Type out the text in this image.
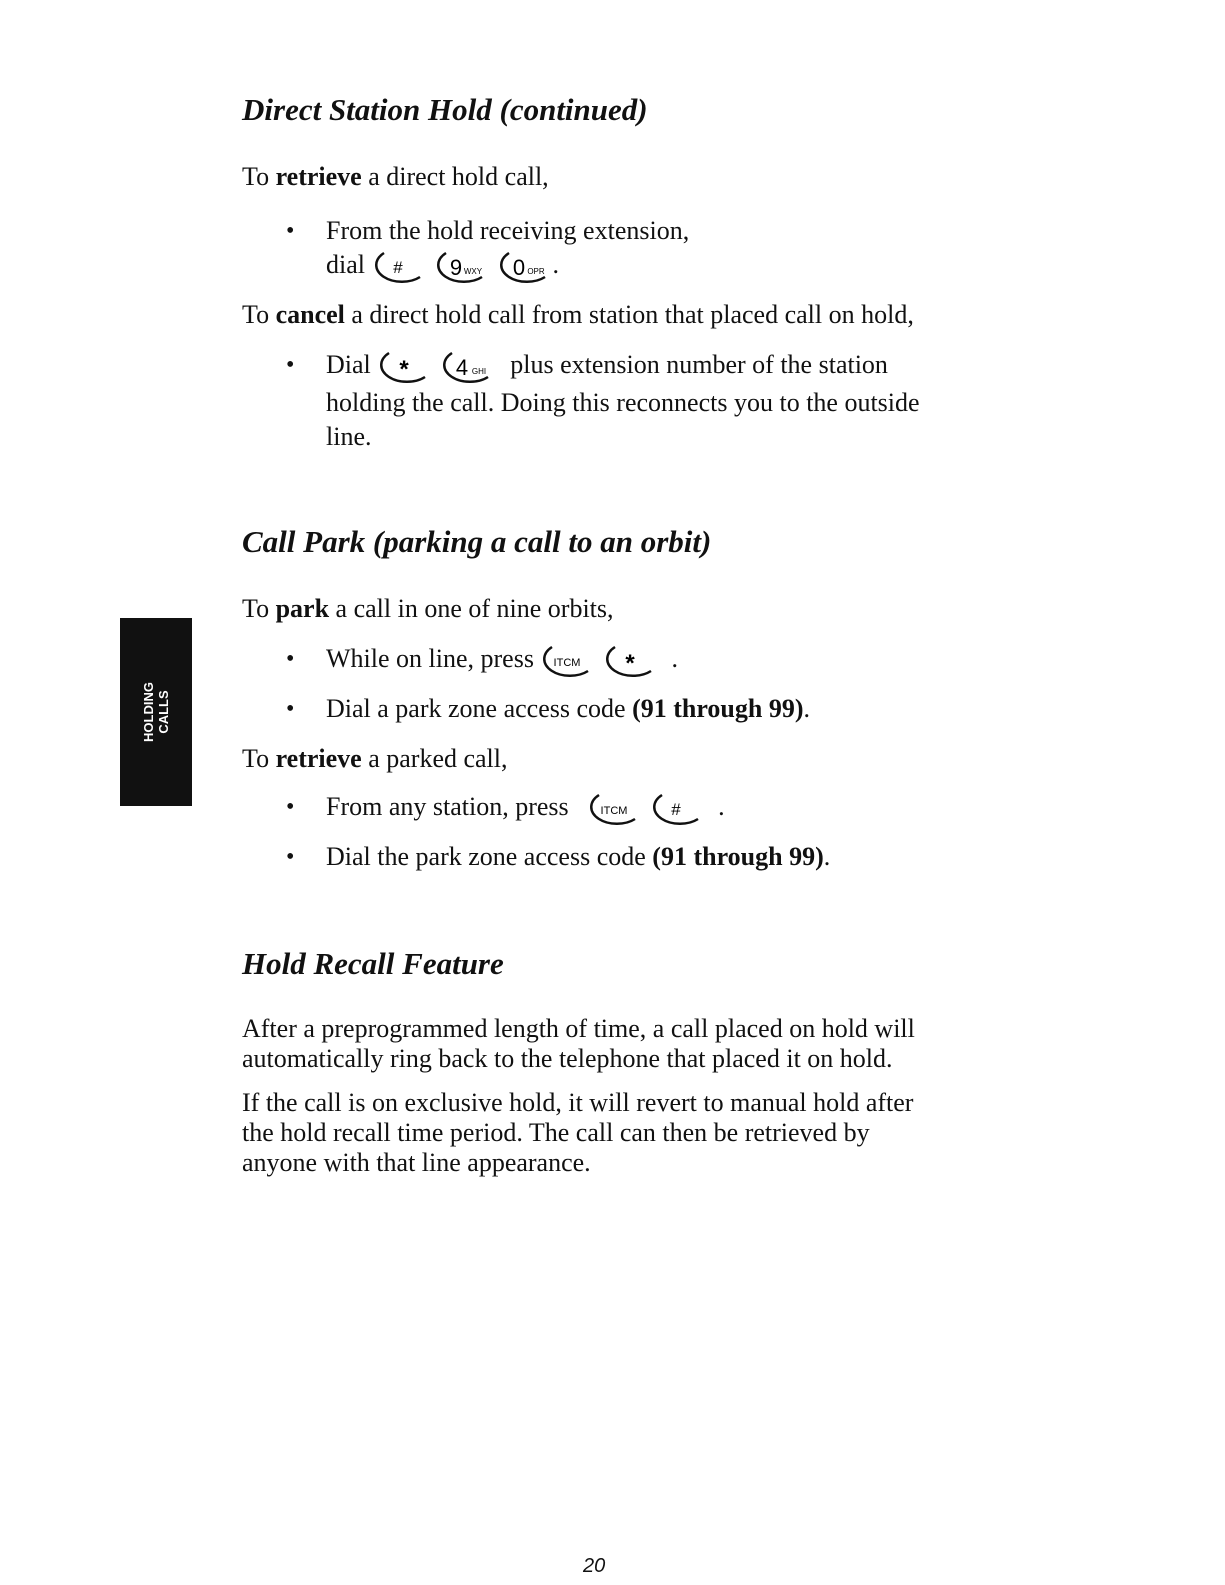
Direct Station Hold (continued)

To retrieve a direct hold call,

• From the hold receiving extension,
dial #
9 WXY
0 OPR .

To cancel a direct hold call from station that placed call on hold,

• Dial *
4 GHI plus extension number of the station
holding the call. Doing this reconnects you to the outside
line.
Call Park (parking a call to an orbit)

To park a call in one of nine orbits,

• While on line, press ITCM
* .
• Dial a park zone access code (91 through 99).

To retrieve a parked call,

• From any station, press	ITCM
	# .
• Dial the park zone access code (91 through 99).
Hold Recall Feature

After a preprogrammed length of time, a call placed on hold will

automatically ring back to the telephone that placed it on hold.

If the call is on exclusive hold, it will revert to manual hold after

the hold recall time period. The call can then be retrieved by

anyone with that line appearance.

HOLDING CALLS
20
